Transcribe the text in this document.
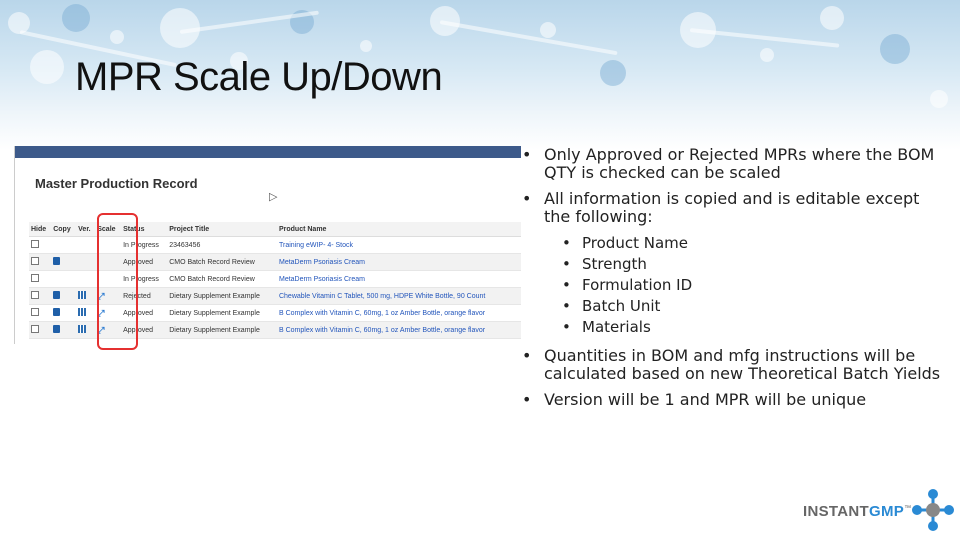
MPR Scale Up/Down
Master Production Record
▷
Hide	Copy	Ver.	Scale	Status	Project Title	Product Name
				In Progress	23463456	Training eWIP- 4- Stock
				Approved	CMO Batch Record Review	MetaDerm Psoriasis Cream
				In Progress	CMO Batch Record Review	MetaDerm Psoriasis Cream
			⤢	Rejected	Dietary Supplement Example	Chewable Vitamin C Tablet, 500 mg, HDPE White Bottle, 90 Count
			⤢	Approved	Dietary Supplement Example	B Complex with Vitamin C, 60mg, 1 oz Amber Bottle, orange flavor
			⤢	Approved	Dietary Supplement Example	B Complex with Vitamin C, 60mg, 1 oz Amber Bottle, orange flavor
• Only Approved or Rejected MPRs where the BOM QTY is checked can be scaled
• All information is copied and is editable except the following:
• Product Name
• Strength
• Formulation ID
• Batch Unit
• Materials
• Quantities in BOM and mfg instructions will be calculated based on new Theoretical Batch Yields
• Version will be 1 and MPR will be unique
INSTANTGMP™
